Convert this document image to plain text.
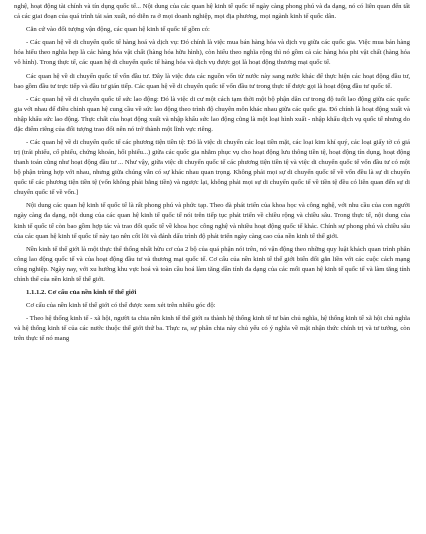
nghệ, hoạt động tài chính và tín dụng quốc tế... Nội dung của các quan hệ kinh tế quốc tế ngày càng phong phú và đa dạng, nó có liên quan đến tất cả các giai đoạn của quá trình tái sản xuất, nó diễn ra ở mọi doanh nghiệp, mọi địa phương, mọi ngành kinh tế quốc dân.

Căn cứ vào đối tượng vận động, các quan hệ kinh tế quốc tế gồm có:

- Các quan hệ về di chuyển quốc tế hàng hoá và dịch vụ: Đó chính là việc mua bán hàng hóa và dịch vụ giữa các quốc gia. Việc mua bán hàng hóa hiểu theo nghĩa hẹp là các hàng hóa vật chất (hàng hóa hữu hình), còn hiểu theo nghĩa rộng thì nó gồm cả các hàng hóa phi vật chất (hàng hóa vô hình). Trong thực tế, các quan hệ di chuyển quốc tế hàng hóa và dịch vụ được gọi là hoạt động thương mại quốc tế.

Các quan hệ về di chuyển quốc tế vốn đầu tư. Đây là việc đưa các nguồn vốn từ nước này sang nước khác để thực hiện các hoạt động đầu tư, bao gồm đầu tư trực tiếp và đầu tư gián tiếp. Các quan hệ về di chuyển quốc tế vốn đầu tư trong thực tế được gọi là hoạt động đầu tư quốc tế.

- Các quan hệ về di chuyển quốc tế sức lao động: Đó là việc di cư một cách tạm thời một bộ phận dân cư trong độ tuổi lao động giữa các quốc gia với nhau để điều chỉnh quan hệ cung cầu về sức lao động theo trình độ chuyên môn khác nhau giữa các quốc gia. Đó chính là hoạt động xuất và nhập khẩu sức lao động. Thực chất của hoạt động xuất và nhập khẩu sức lao động cũng là một loại hình xuất - nhập khẩu dịch vụ quốc tế nhưng do đặc điểm riêng của đối tượng trao đổi nên nó trở thành một lĩnh vực riêng.

- Các quan hệ về di chuyển quốc tế các phương tiện tiền tệ: Đó là việc di chuyển các loại tiền mặt, các loại kim khí quý, các loại giấy tờ có giá trị (trái phiếu, cổ phiếu, chứng khoán, hối phiếu...) giữa các quốc gia nhằm phục vụ cho hoạt động lưu thông tiền tệ, hoạt động tín dụng, hoạt động thanh toán cũng như hoạt động đầu tư ... Như vậy, giữa việc di chuyển quốc tế các phương tiện tiền tệ và việc di chuyển quốc tế vốn đầu tư có một bộ phận trùng hợp với nhau, nhưng giữa chúng vẫn có sự khác nhau quan trọng. Không phải mọi sự di chuyển quốc tế về vốn đều là sự di chuyển quốc tế các phương tiện tiền tệ (vốn không phải bằng tiền) và ngược lại, không phải mọi sự di chuyển quốc tế về tiền tệ đều có liên quan đến sự di chuyển quốc tế về vốn.]

Nội dung các quan hệ kinh tế quốc tế là rất phong phú và phức tạp. Theo đà phát triển của khoa học và công nghệ, với nhu cầu của con người ngày càng đa dạng, nội dung của các quan hệ kinh tế quốc tế nói trên tiếp tục phát triển về chiều rộng và chiều sâu. Trong thực tế, nội dung của kinh tế quốc tế còn bao gồm hợp tác và trao đổi quốc tế về khoa học công nghệ và nhiều hoạt động quốc tế khác. Chính sự phong phú và chiều sâu của các quan hệ kinh tế quốc tế này tạo nên cốt lõi và đánh dấu trình độ phát triển ngày càng cao của nền kinh tế thế giới.

Nền kinh tế thế giới là một thực thể thống nhất hữu cơ của 2 bộ của quá phận nói trên, nó vận động theo những quy luật khách quan trình phân công lao động quốc tế và của hoạt động đầu tư và thương mại quốc tế. Cơ cấu của nền kinh tế thế giới biến đổi gắn liền với các cuộc cách mạng công nghiệp. Ngày nay, với xu hướng khu vực hoá và toàn cầu hoá làm tăng dần tính đa dạng của các mối quan hệ kinh tế quốc tế và làm tăng tính chỉnh thể của nền kinh tế thế giới.

1.1.1.2. Cơ cấu của nền kinh tế thế giới

Cơ cấu của nền kinh tế thế giới có thể được xem xét trên nhiều góc độ:

- Theo hệ thống kinh tế - xã hội, người ta chia nền kinh tế thế giới ra thành hệ thống kinh tế tư bản chủ nghĩa, hệ thống kinh tế xã hội chủ nghĩa và hệ thống kinh tế của các nước thuộc thế giới thứ ba. Thực ra, sự phân chia này chủ yếu có ý nghĩa về mặt nhận thức chính trị và tư tưởng, còn trên thực tế nó mang
